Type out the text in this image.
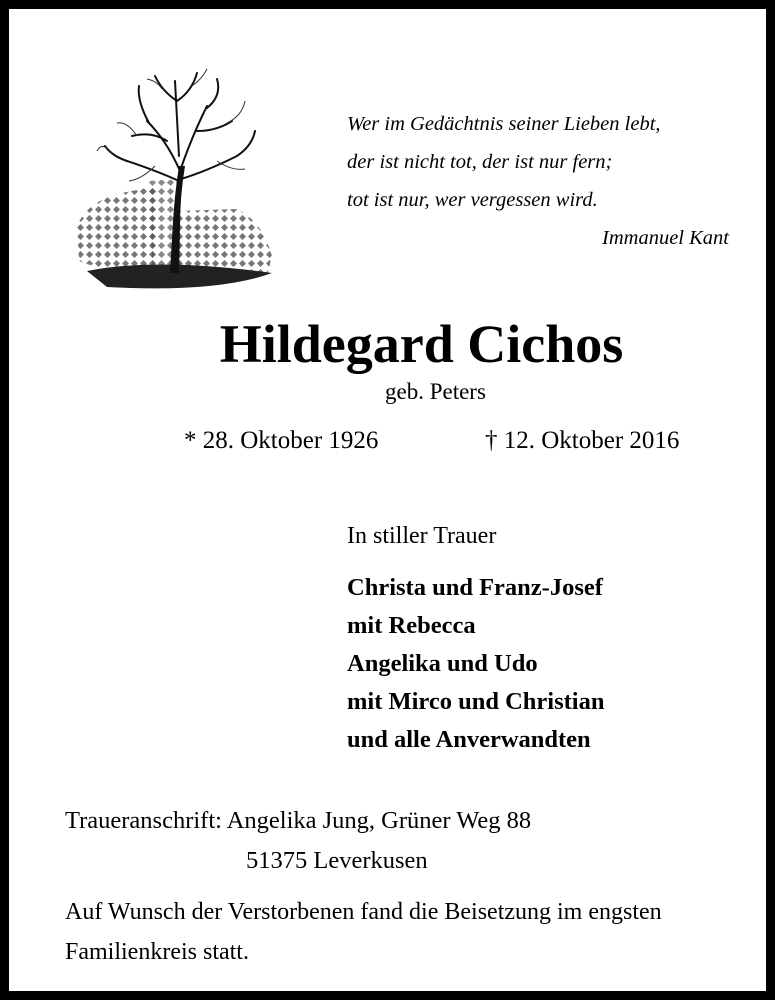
Wer im Gedächtnis seiner Lieben lebt,
der ist nicht tot, der ist nur fern;
tot ist nur, wer vergessen wird.
Immanuel Kant
Hildegard Cichos
geb. Peters
* 28. Oktober 1926	† 12. Oktober 2016
In stiller Trauer
Christa und Franz-Josef
mit Rebecca
Angelika und Udo
mit Mirco und Christian
und alle Anverwandten
Traueranschrift: Angelika Jung, Grüner Weg 88
51375 Leverkusen
Auf Wunsch der Verstorbenen fand die Beisetzung im engsten Familienkreis statt.
